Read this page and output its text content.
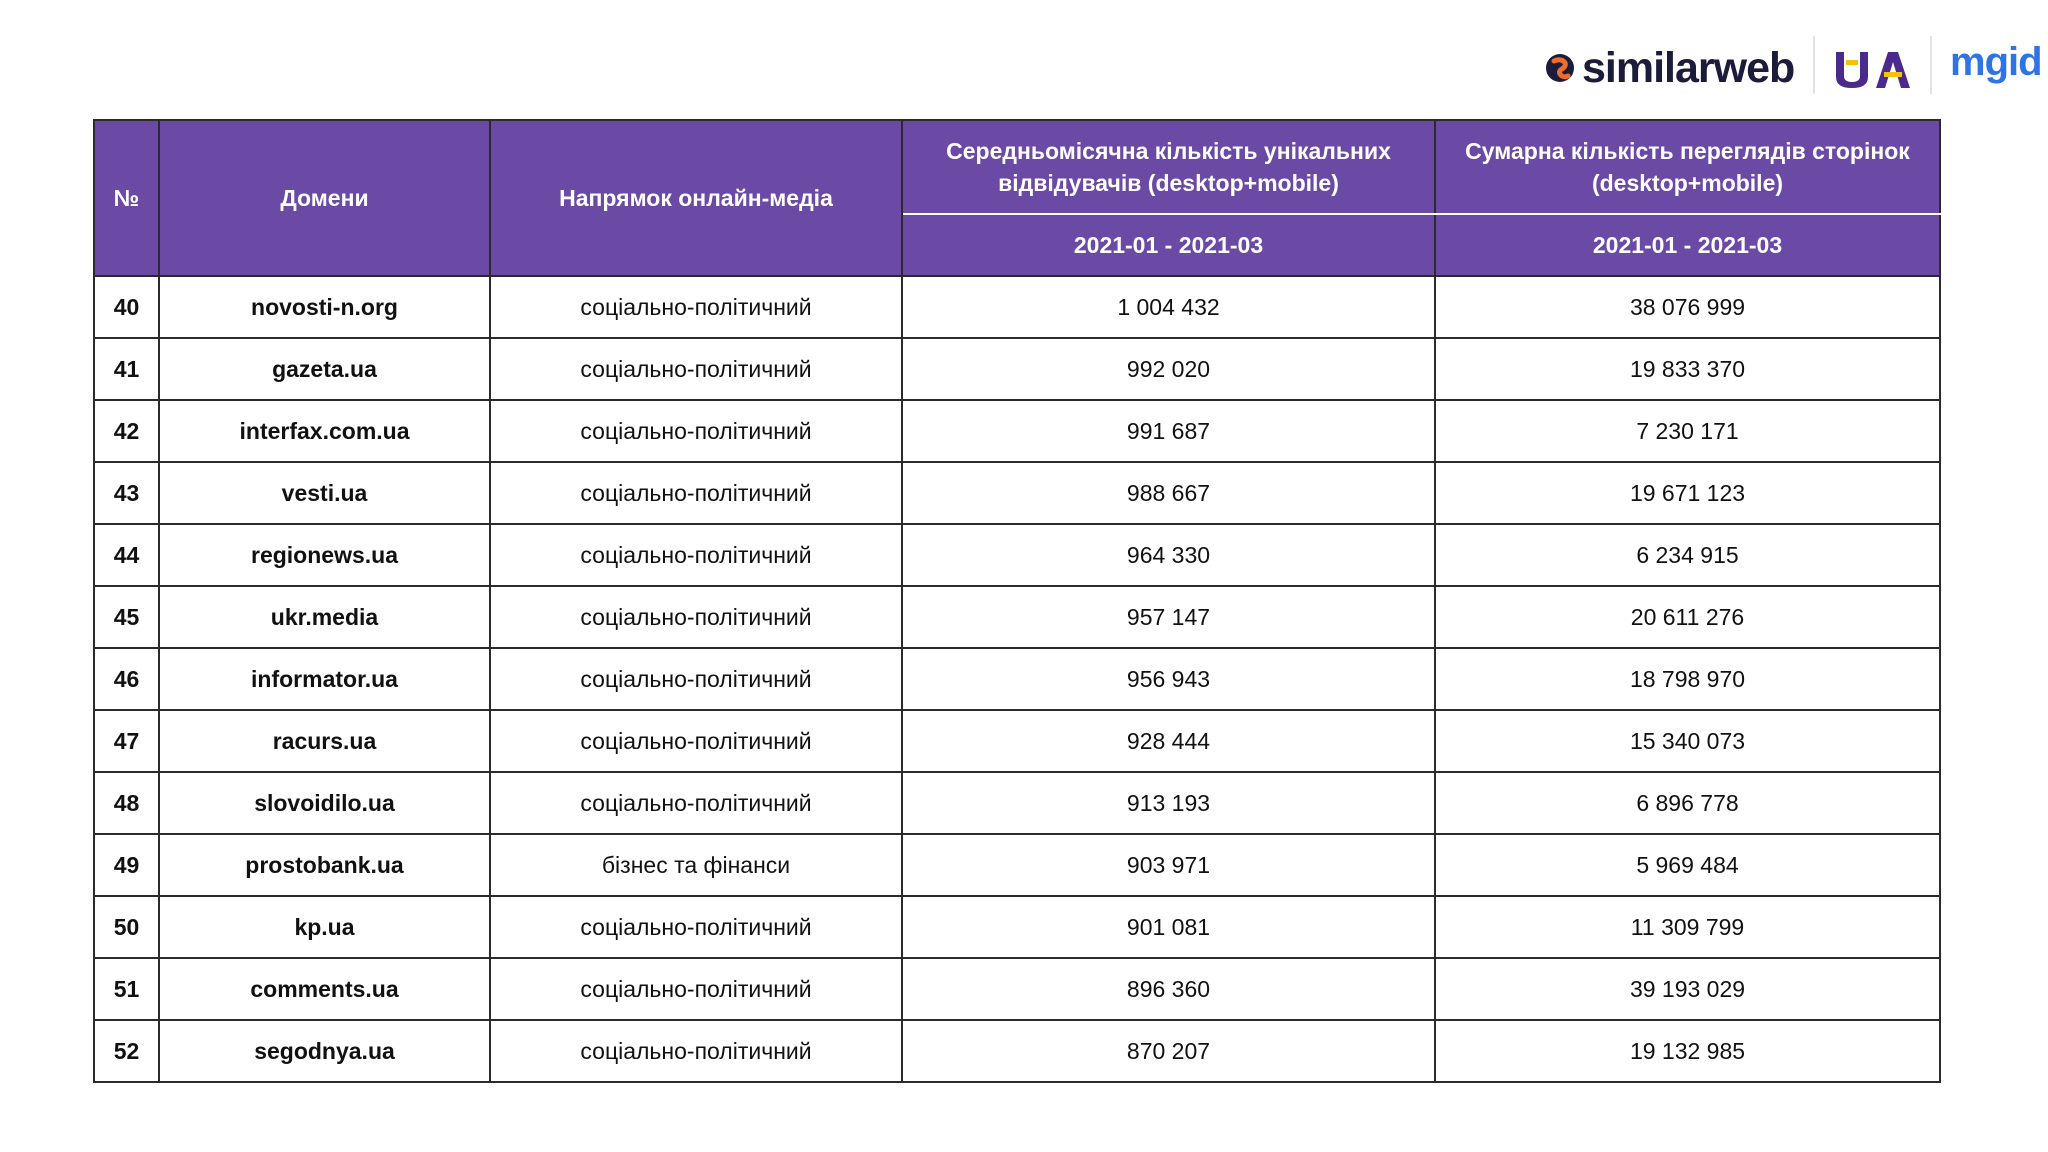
similarweb	mgid
№	Домени	Напрямок онлайн-медіа	Середньомісячна кількість унікальних відвідувачів (desktop+mobile)	Сумарна кількість переглядів сторінок (desktop+mobile)
			2021-01 - 2021-03	2021-01 - 2021-03
40	novosti-n.org	соціально-політичний	1 004 432	38 076 999
41	gazeta.ua	соціально-політичний	992 020	19 833 370
42	interfax.com.ua	соціально-політичний	991 687	7 230 171
43	vesti.ua	соціально-політичний	988 667	19 671 123
44	regionews.ua	соціально-політичний	964 330	6 234 915
45	ukr.media	соціально-політичний	957 147	20 611 276
46	informator.ua	соціально-політичний	956 943	18 798 970
47	racurs.ua	соціально-політичний	928 444	15 340 073
48	slovoidilo.ua	соціально-політичний	913 193	6 896 778
49	prostobank.ua	бізнес та фінанси	903 971	5 969 484
50	kp.ua	соціально-політичний	901 081	11 309 799
51	comments.ua	соціально-політичний	896 360	39 193 029
52	segodnya.ua	соціально-політичний	870 207	19 132 985
